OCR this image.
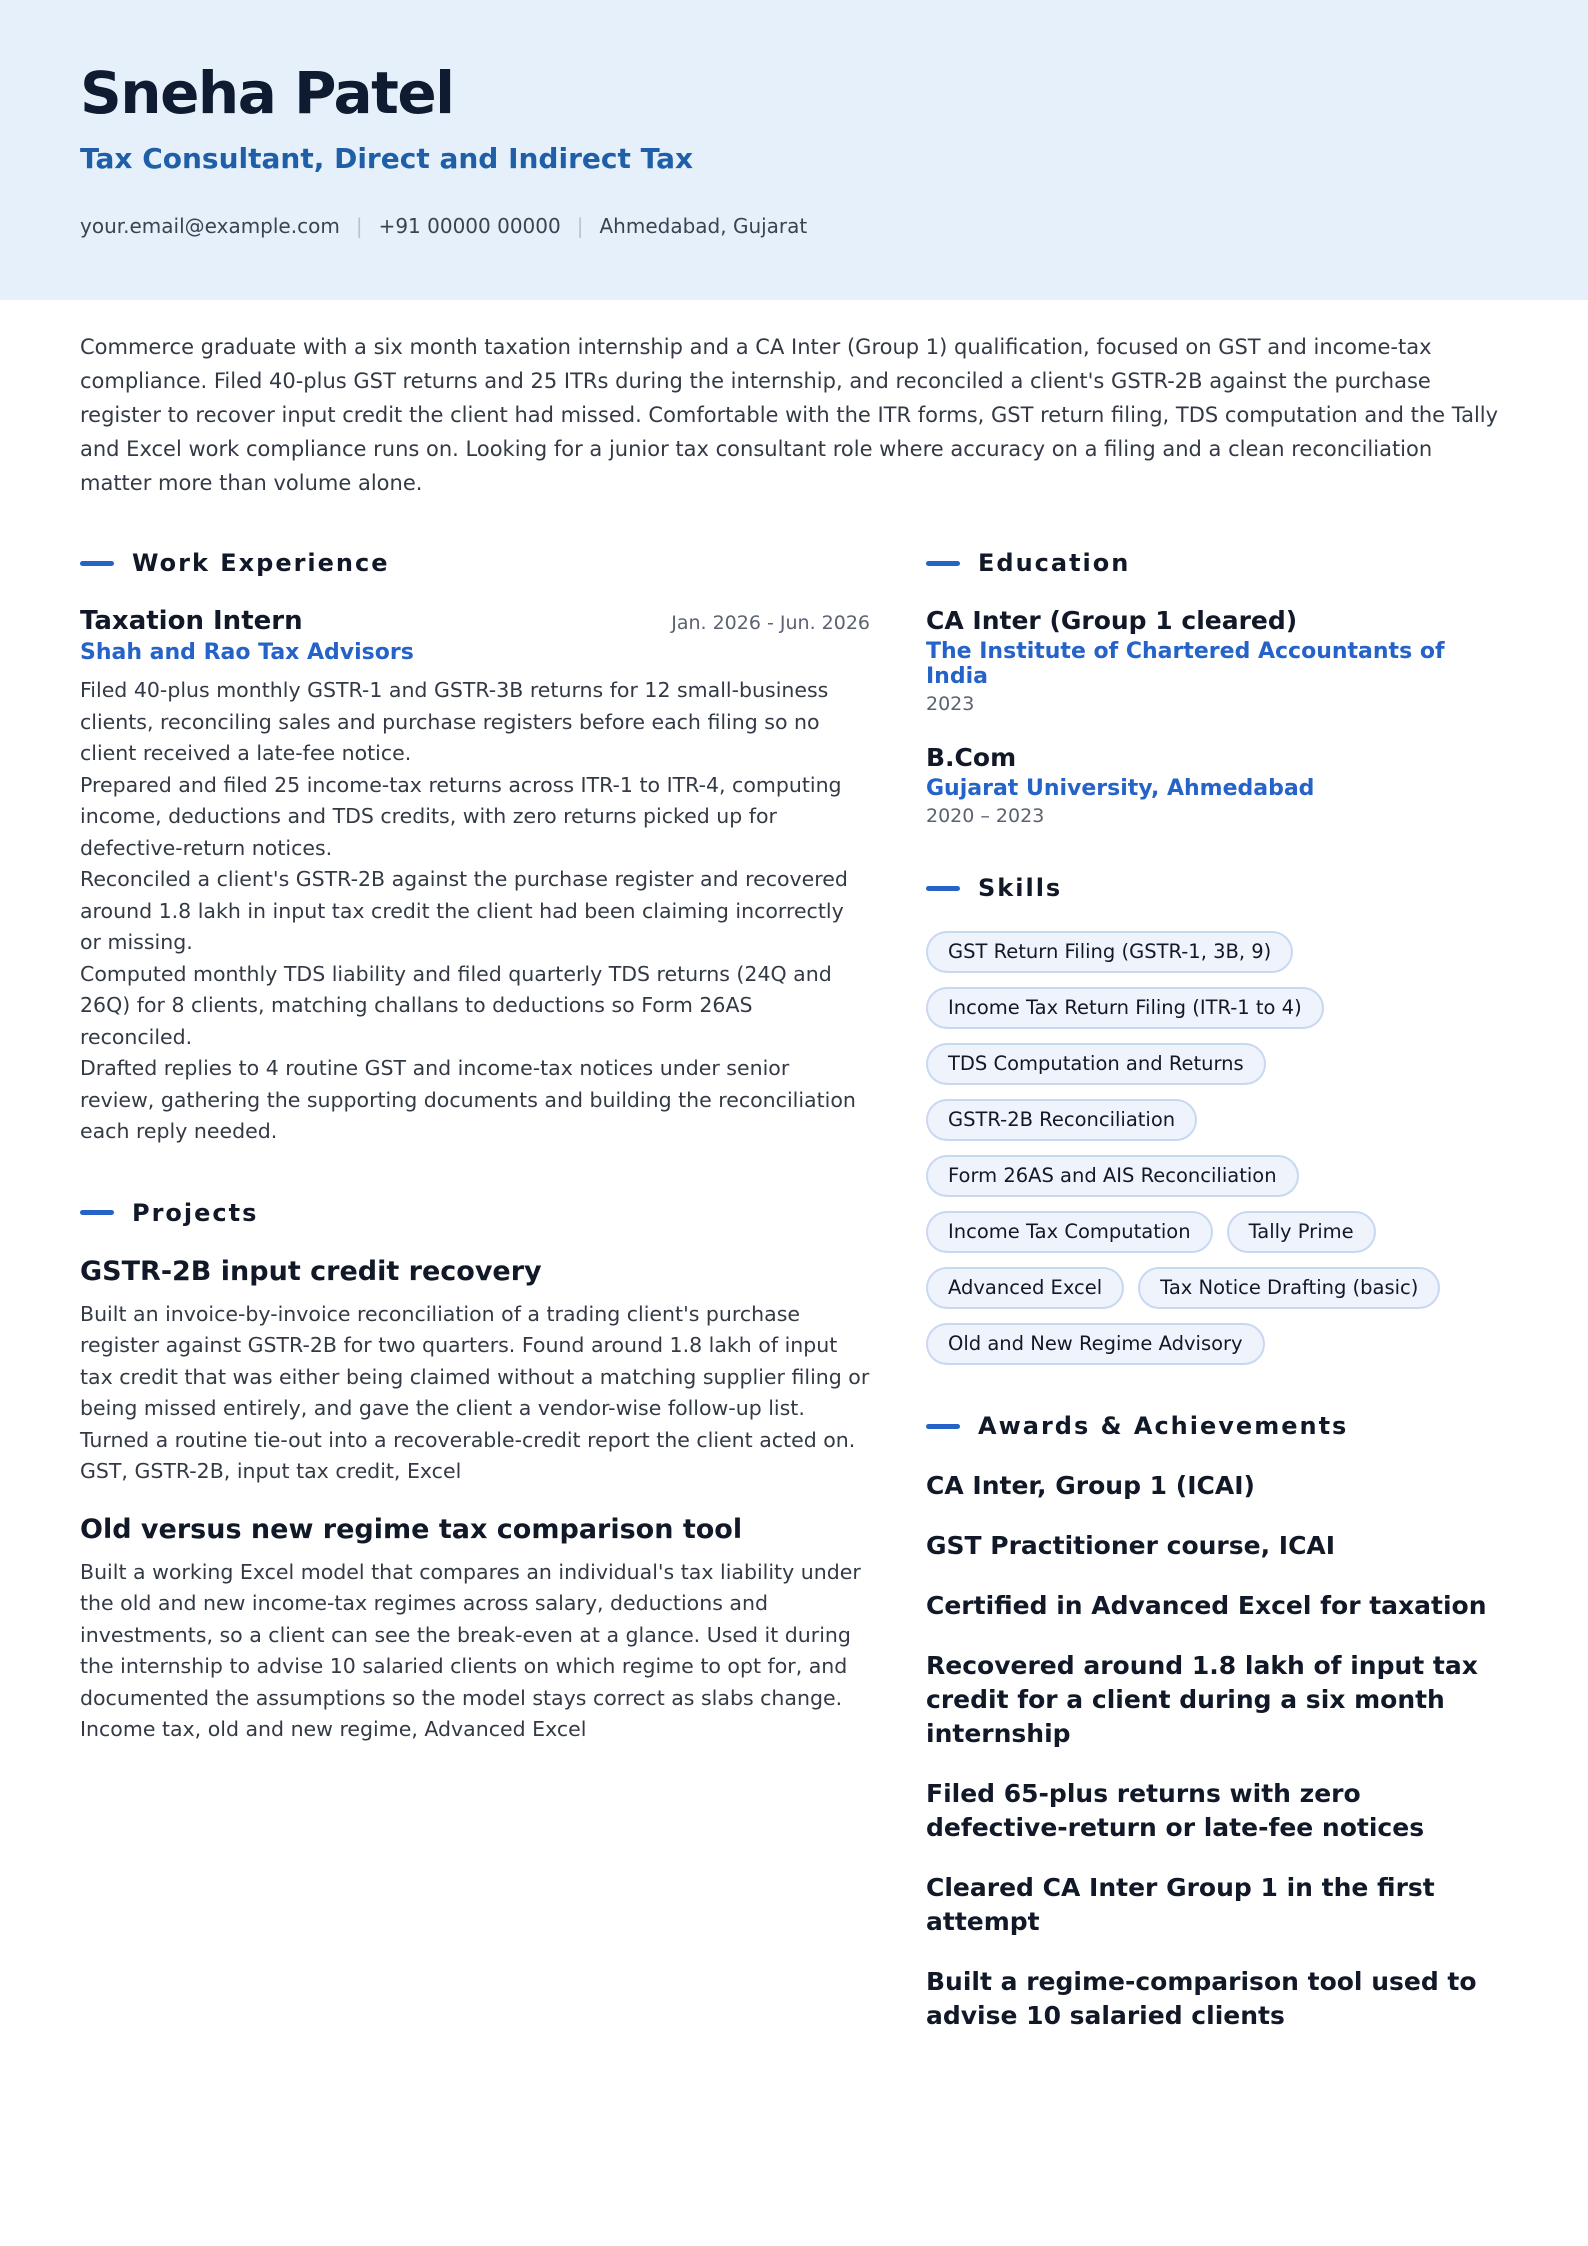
Sneha Patel
Tax Consultant, Direct and Indirect Tax
your.email@example.com | +91 00000 00000 | Ahmedabad, Gujarat
Commerce graduate with a six month taxation internship and a CA Inter (Group 1) qualification, focused on GST and income-tax compliance. Filed 40-plus GST returns and 25 ITRs during the internship, and reconciled a client's GSTR-2B against the purchase register to recover input credit the client had missed. Comfortable with the ITR forms, GST return filing, TDS computation and the Tally and Excel work compliance runs on. Looking for a junior tax consultant role where accuracy on a filing and a clean reconciliation matter more than volume alone.
Work Experience
Taxation Intern	Jan. 2026 - Jun. 2026
Shah and Rao Tax Advisors
Filed 40-plus monthly GSTR-1 and GSTR-3B returns for 12 small-business clients, reconciling sales and purchase registers before each filing so no client received a late-fee notice.
Prepared and filed 25 income-tax returns across ITR-1 to ITR-4, computing income, deductions and TDS credits, with zero returns picked up for defective-return notices.
Reconciled a client's GSTR-2B against the purchase register and recovered around 1.8 lakh in input tax credit the client had been claiming incorrectly or missing.
Computed monthly TDS liability and filed quarterly TDS returns (24Q and 26Q) for 8 clients, matching challans to deductions so Form 26AS reconciled.
Drafted replies to 4 routine GST and income-tax notices under senior review, gathering the supporting documents and building the reconciliation each reply needed.
Projects
GSTR-2B input credit recovery
Built an invoice-by-invoice reconciliation of a trading client's purchase register against GSTR-2B for two quarters. Found around 1.8 lakh of input tax credit that was either being claimed without a matching supplier filing or being missed entirely, and gave the client a vendor-wise follow-up list. Turned a routine tie-out into a recoverable-credit report the client acted on.
GST, GSTR-2B, input tax credit, Excel
Old versus new regime tax comparison tool
Built a working Excel model that compares an individual's tax liability under the old and new income-tax regimes across salary, deductions and investments, so a client can see the break-even at a glance. Used it during the internship to advise 10 salaried clients on which regime to opt for, and documented the assumptions so the model stays correct as slabs change.
Income tax, old and new regime, Advanced Excel
Education
CA Inter (Group 1 cleared)
The Institute of Chartered Accountants of India
2023
B.Com
Gujarat University, Ahmedabad
2020 – 2023
Skills
GST Return Filing (GSTR-1, 3B, 9)
Income Tax Return Filing (ITR-1 to 4)
TDS Computation and Returns
GSTR-2B Reconciliation
Form 26AS and AIS Reconciliation
Income Tax Computation	Tally Prime
Advanced Excel	Tax Notice Drafting (basic)
Old and New Regime Advisory
Awards & Achievements
CA Inter, Group 1 (ICAI)
GST Practitioner course, ICAI
Certified in Advanced Excel for taxation
Recovered around 1.8 lakh of input tax credit for a client during a six month internship
Filed 65-plus returns with zero defective-return or late-fee notices
Cleared CA Inter Group 1 in the first attempt
Built a regime-comparison tool used to advise 10 salaried clients
